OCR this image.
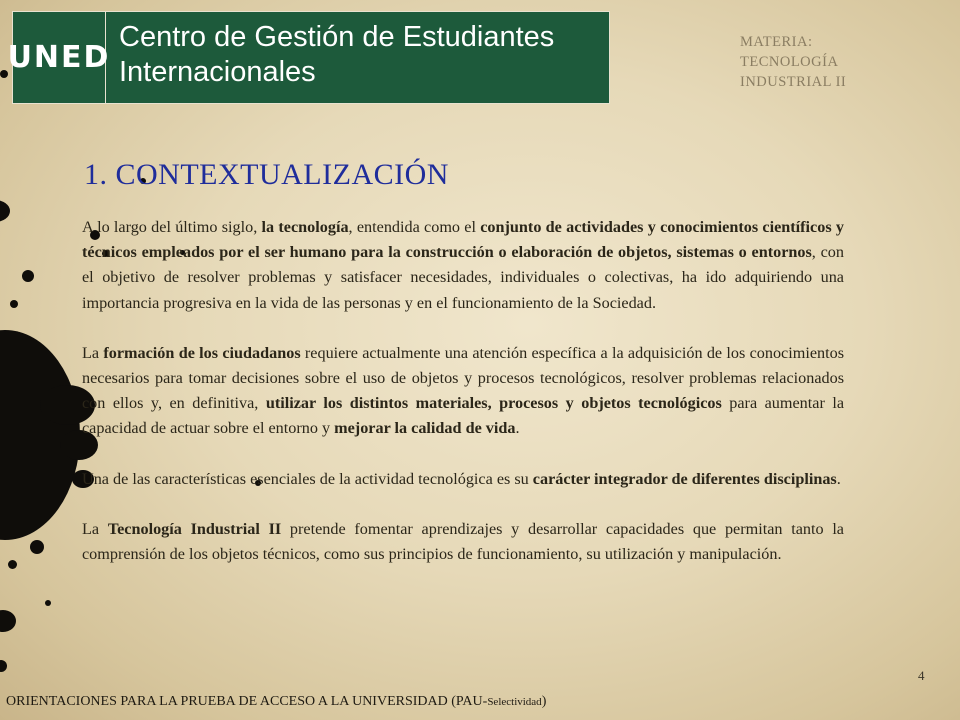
UNED
Centro de Gestión de Estudiantes
Internacionales
MATERIA:
TECNOLOGÍA
INDUSTRIAL II
1. CONTEXTUALIZACIÓN

A lo largo del último siglo, la tecnología, entendida como el conjunto de actividades y conocimientos científicos y técnicos empleados por el ser humano para la construcción o elaboración de objetos, sistemas o entornos, con el objetivo de resolver problemas y satisfacer necesidades, individuales o colectivas, ha ido adquiriendo una importancia progresiva en la vida de las personas y en el funcionamiento de la Sociedad.

La formación de los ciudadanos requiere actualmente una atención específica a la adquisición de los conocimientos necesarios para tomar decisiones sobre el uso de objetos y procesos tecnológicos, resolver problemas relacionados con ellos y, en definitiva, utilizar los distintos materiales, procesos y objetos tecnológicos para aumentar la capacidad de actuar sobre el entorno y mejorar la calidad de vida.

Una de las características esenciales de la actividad tecnológica es su carácter integrador de diferentes disciplinas.

La Tecnología Industrial II pretende fomentar aprendizajes y desarrollar capacidades que permitan tanto la comprensión de los objetos técnicos, como sus principios de funcionamiento, su utilización y manipulación.

4
ORIENTACIONES PARA LA PRUEBA DE ACCESO A LA UNIVERSIDAD (PAU-Selectividad)
